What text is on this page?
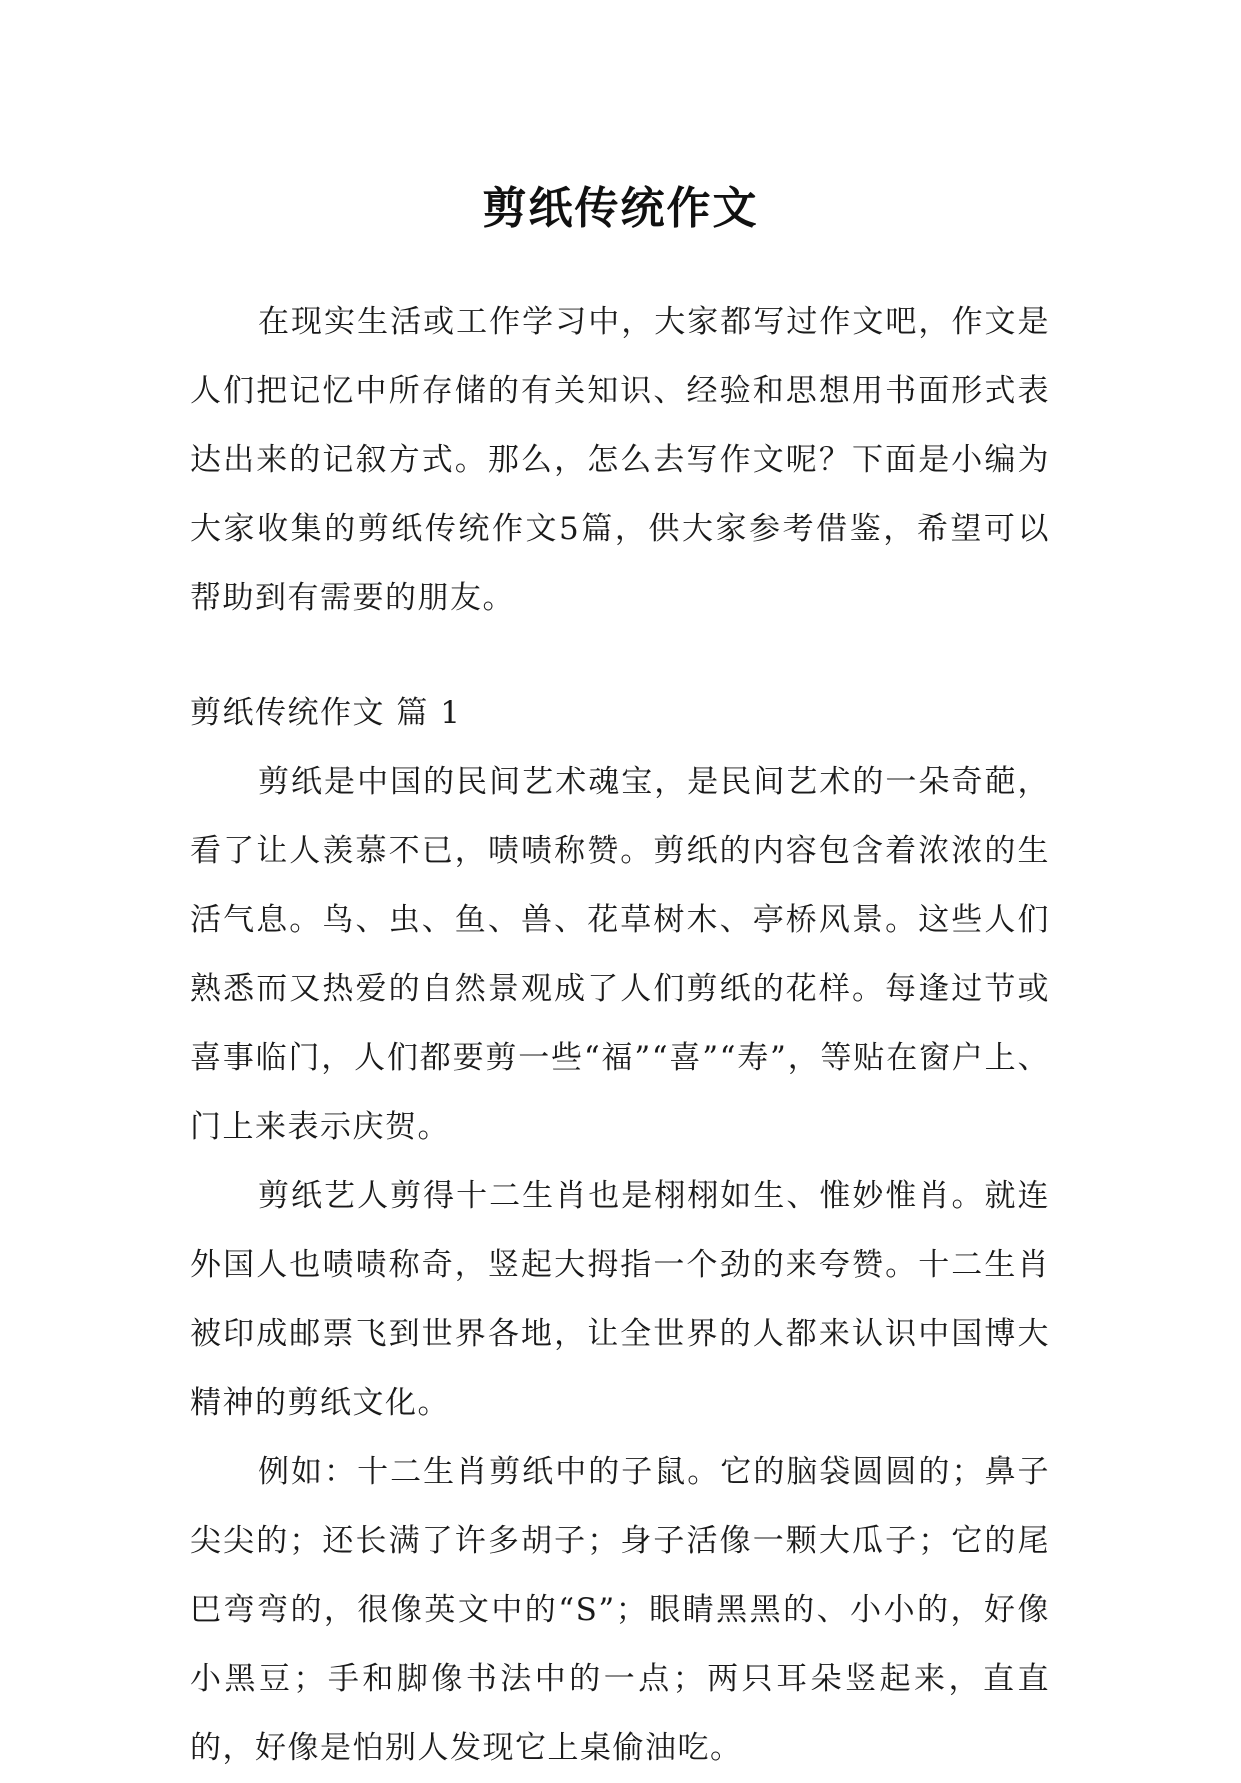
剪纸传统作文

在现实生活或工作学习中，大家都写过作文吧，作文是人们把记忆中所存储的有关知识、经验和思想用书面形式表达出来的记叙方式。那么，怎么去写作文呢？下面是小编为大家收集的剪纸传统作文5篇，供大家参考借鉴，希望可以帮助到有需要的朋友。

剪纸传统作文 篇 1

剪纸是中国的民间艺术魂宝，是民间艺术的一朵奇葩，看了让人羡慕不已，啧啧称赞。剪纸的内容包含着浓浓的生活气息。鸟、虫、鱼、兽、花草树木、亭桥风景。这些人们熟悉而又热爱的自然景观成了人们剪纸的花样。每逢过节或喜事临门，人们都要剪一些“福”“喜”“寿”，等贴在窗户上、门上来表示庆贺。

剪纸艺人剪得十二生肖也是栩栩如生、惟妙惟肖。就连外国人也啧啧称奇，竖起大拇指一个劲的来夸赞。十二生肖被印成邮票飞到世界各地，让全世界的人都来认识中国博大精神的剪纸文化。

例如：十二生肖剪纸中的子鼠。它的脑袋圆圆的；鼻子尖尖的；还长满了许多胡子；身子活像一颗大瓜子；它的尾巴弯弯的，很像英文中的“S”；眼睛黑黑的、小小的，好像小黑豆；手和脚像书法中的一点；两只耳朵竖起来，直直的，好像是怕别人发现它上桌偷油吃。
